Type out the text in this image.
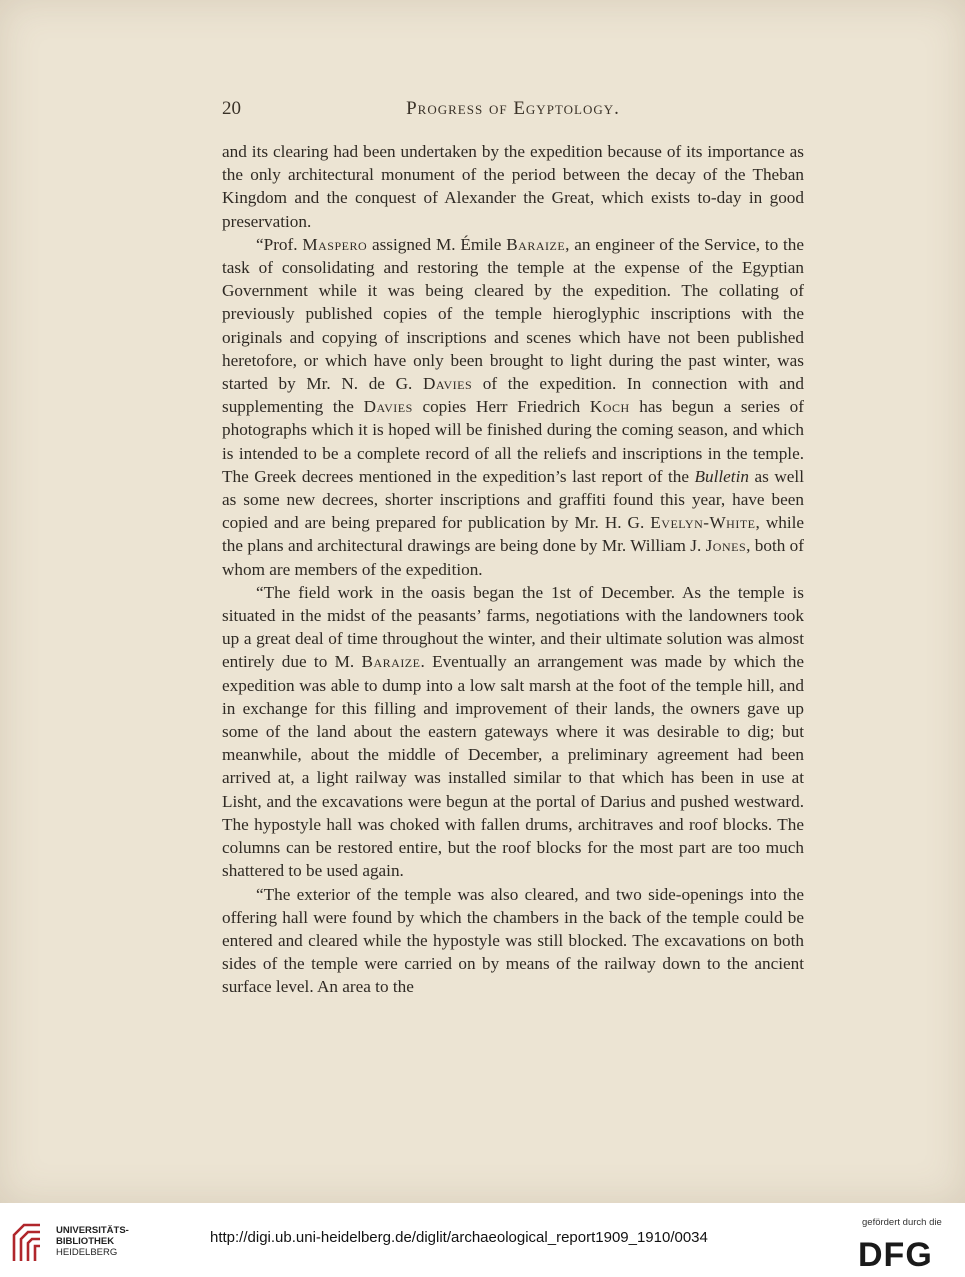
20	Progress of Egyptology.

and its clearing had been undertaken by the expedition because of its importance as the only architectural monument of the period between the decay of the Theban Kingdom and the conquest of Alexander the Great, which exists to-day in good preservation.

“Prof. Maspero assigned M. Émile Baraize, an engineer of the Service, to the task of consolidating and restoring the temple at the expense of the Egyptian Government while it was being cleared by the expedition. The collating of previously published copies of the temple hieroglyphic inscriptions with the originals and copying of inscriptions and scenes which have not been published heretofore, or which have only been brought to light during the past winter, was started by Mr. N. de G. Davies of the expedition. In connection with and supplementing the Davies copies Herr Friedrich Koch has begun a series of photographs which it is hoped will be finished during the coming season, and which is intended to be a complete record of all the reliefs and inscriptions in the temple. The Greek decrees mentioned in the expedition’s last report of the Bulletin as well as some new decrees, shorter inscriptions and graffiti found this year, have been copied and are being prepared for publication by Mr. H. G. Evelyn-White, while the plans and architectural drawings are being done by Mr. William J. Jones, both of whom are members of the expedition.

“The field work in the oasis began the 1st of December. As the temple is situated in the midst of the peasants’ farms, negotiations with the landowners took up a great deal of time throughout the winter, and their ultimate solution was almost entirely due to M. Baraize. Eventually an arrangement was made by which the expedition was able to dump into a low salt marsh at the foot of the temple hill, and in exchange for this filling and improvement of their lands, the owners gave up some of the land about the eastern gateways where it was desirable to dig; but meanwhile, about the middle of December, a preliminary agreement had been arrived at, a light railway was installed similar to that which has been in use at Lisht, and the excavations were begun at the portal of Darius and pushed westward. The hypostyle hall was choked with fallen drums, architraves and roof blocks. The columns can be restored entire, but the roof blocks for the most part are too much shattered to be used again.

“The exterior of the temple was also cleared, and two side-openings into the offering hall were found by which the chambers in the back of the temple could be entered and cleared while the hypostyle was still blocked. The excavations on both sides of the temple were carried on by means of the railway down to the ancient surface level. An area to the

UNIVERSITÄTS-
BIBLIOTHEK
HEIDELBERG
http://digi.ub.uni-heidelberg.de/diglit/archaeological_report1909_1910/0034
gefördert durch die
DFG
